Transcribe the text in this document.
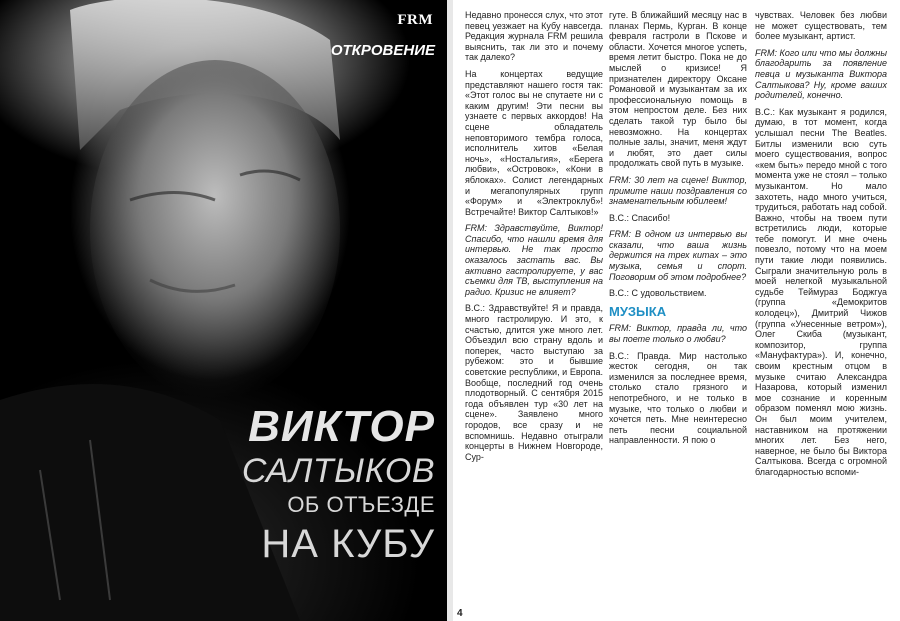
FRM
ОТКРОВЕНИЕ
ВИКТОР
САЛТЫКОВ
ОБ ОТЪЕЗДЕ
НА КУБУ

Недавно пронесся слух, что этот певец уезжает на Кубу навсегда. Редакция журнала FRM решила выяснить, так ли это и почему так далеко?

На концертах ведущие представляют нашего гостя так: «Этот голос вы не спутаете ни с каким другим! Эти песни вы узнаете с первых аккордов! На сцене обладатель неповторимого тембра голоса, исполнитель хитов «Белая ночь», «Ностальгия», «Берега любви», «Островок», «Кони в яблоках». Солист легендарных и мегапопулярных групп «Форум» и «Электроклуб»! Встречайте! Виктор Салтыков!»

FRM: Здравствуйте, Виктор! Спасибо, что нашли время для интервью. Не так просто оказалось застать вас. Вы активно гастролируете, у вас съемки для ТВ, выступления на радио. Кризис не влияет?

В.С.: Здравствуйте! Я и правда, много гастролирую. И это, к счастью, длится уже много лет. Объездил всю страну вдоль и поперек, часто выступаю за рубежом: это и бывшие советские республики, и Европа. Вообще, последний год очень плодотворный. С сентября 2015 года объявлен тур «30 лет на сцене». Заявлено много городов, все сразу и не вспомнишь. Недавно отыграли концерты в Нижнем Новгороде, Сур-

гуте. В ближайший месяцу нас в планах Пермь, Курган. В конце февраля гастроли в Пскове и области. Хочется многое успеть, время летит быстро. Пока не до мыслей о кризисе! Я признателен директору Оксане Романовой и музыкантам за их профессиональную помощь в этом непростом деле. Без них сделать такой тур было бы невозможно. На концертах полные залы, значит, меня ждут и любят, это дает силы продолжать свой путь в музыке.

FRM: 30 лет на сцене! Виктор, примите наши поздравления со знаменательным юбилеем!

В.С.: Спасибо!

FRM: В одном из интервью вы сказали, что ваша жизнь держится на трех китах – это музыка, семья и спорт. Поговорим об этом подробнее?

В.С.: С удовольствием.

МУЗЫКА

FRM: Виктор, правда ли, что вы поете только о любви?

В.С.: Правда. Мир настолько жесток сегодня, он так изменился за последнее время, столько стало грязного и непотребного, и не только в музыке, что только о любви и хочется петь. Мне неинтересно петь песни социальной направленности. Я пою о

чувствах. Человек без любви не может существовать, тем более музыкант, артист.

FRM: Кого или что мы должны благодарить за появление певца и музыканта Виктора Салтыкова? Ну, кроме ваших родителей, конечно.

В.С.: Как музыкант я родился, думаю, в тот момент, когда услышал песни The Beatles. Битлы изменили всю суть моего существования, вопрос «кем быть» передо мной с того момента уже не стоял – только музыкантом. Но мало захотеть, надо много учиться, трудиться, работать над собой. Важно, чтобы на твоем пути встретились люди, которые тебе помогут. И мне очень повезло, потому что на моем пути такие люди появились. Сыграли значительную роль в моей нелегкой музыкальной судьбе Теймураз Боджгуа (группа «Демокритов колодец»), Дмитрий Чижов (группа «Унесенные ветром»), Олег Скиба (музыкант, композитор, группа «Мануфактура»). И, конечно, своим крестным отцом в музыке считаю Александра Назарова, который изменил мое сознание и коренным образом поменял мою жизнь. Он был моим учителем, наставником на протяжении многих лет. Без него, наверное, не было бы Виктора Салтыкова. Всегда с огромной благодарностью вспоми-

4
